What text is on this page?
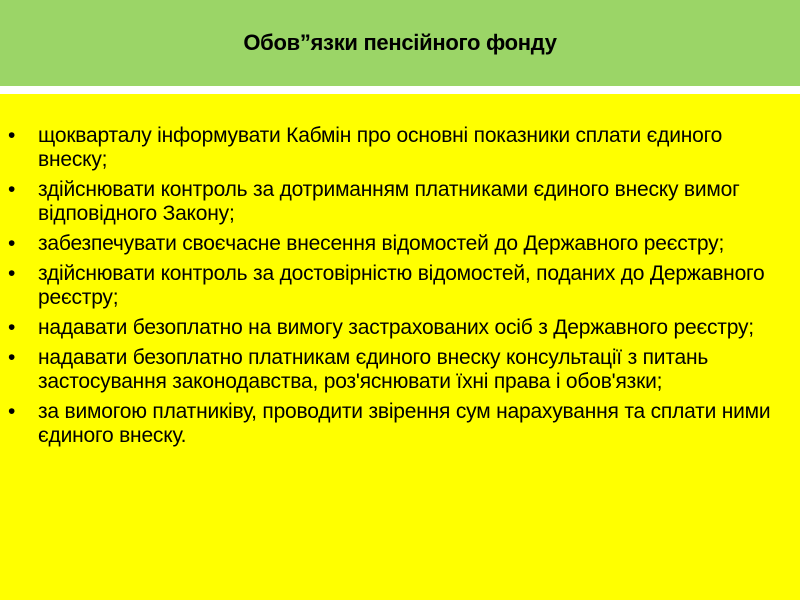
Обов”язки пенсійного фонду
• щокварталу інформувати Кабмін про основні показники сплати єдиного внеску;
• здійснювати контроль за дотриманням платниками єдиного внеску вимог відповідного Закону;
• забезпечувати своєчасне внесення відомостей до Державного реєстру;
• здійснювати контроль за достовірністю відомостей, поданих до Державного реєстру;
• надавати безоплатно на вимогу застрахованих осіб з Державного реєстру;
• надавати безоплатно платникам єдиного внеску консультації з питань застосування законодавства, роз'яснювати їхні права і обов'язки;
• за вимогою платниківу, проводити звірення сум нарахування та сплати ними єдиного внеску.
